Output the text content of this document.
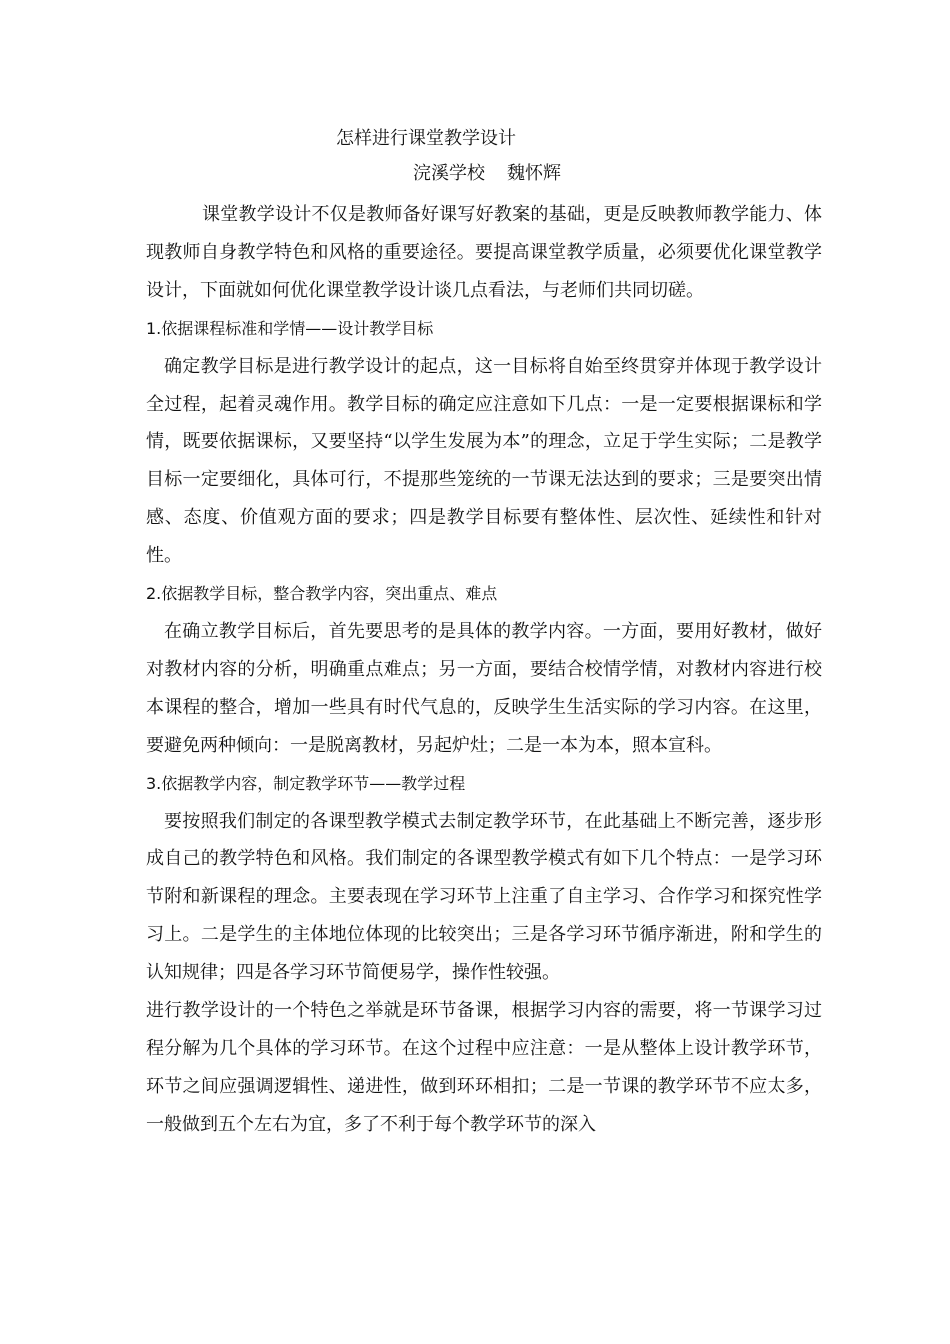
怎样进行课堂教学设计
浣溪学校 魏怀辉

课堂教学设计不仅是教师备好课写好教案的基础，更是反映教师教学能力、体现教师自身教学特色和风格的重要途径。要提高课堂教学质量，必须要优化课堂教学设计，下面就如何优化课堂教学设计谈几点看法，与老师们共同切磋。

1.依据课程标准和学情——设计教学目标

确定教学目标是进行教学设计的起点，这一目标将自始至终贯穿并体现于教学设计全过程，起着灵魂作用。教学目标的确定应注意如下几点：一是一定要根据课标和学情，既要依据课标，又要坚持“以学生发展为本”的理念，立足于学生实际；二是教学目标一定要细化，具体可行，不提那些笼统的一节课无法达到的要求；三是要突出情感、态度、价值观方面的要求；四是教学目标要有整体性、层次性、延续性和针对性。

2.依据教学目标，整合教学内容，突出重点、难点

在确立教学目标后，首先要思考的是具体的教学内容。一方面，要用好教材，做好对教材内容的分析，明确重点难点；另一方面，要结合校情学情，对教材内容进行校本课程的整合，增加一些具有时代气息的，反映学生生活实际的学习内容。在这里，要避免两种倾向：一是脱离教材，另起炉灶；二是一本为本，照本宣科。

3.依据教学内容，制定教学环节——教学过程

要按照我们制定的各课型教学模式去制定教学环节，在此基础上不断完善，逐步形成自己的教学特色和风格。我们制定的各课型教学模式有如下几个特点：一是学习环节附和新课程的理念。主要表现在学习环节上注重了自主学习、合作学习和探究性学习上。二是学生的主体地位体现的比较突出；三是各学习环节循序渐进，附和学生的认知规律；四是各学习环节简便易学，操作性较强。

进行教学设计的一个特色之举就是环节备课，根据学习内容的需要，将一节课学习过程分解为几个具体的学习环节。在这个过程中应注意：一是从整体上设计教学环节，环节之间应强调逻辑性、递进性，做到环环相扣；二是一节课的教学环节不应太多，一般做到五个左右为宜，多了不利于每个教学环节的深入
